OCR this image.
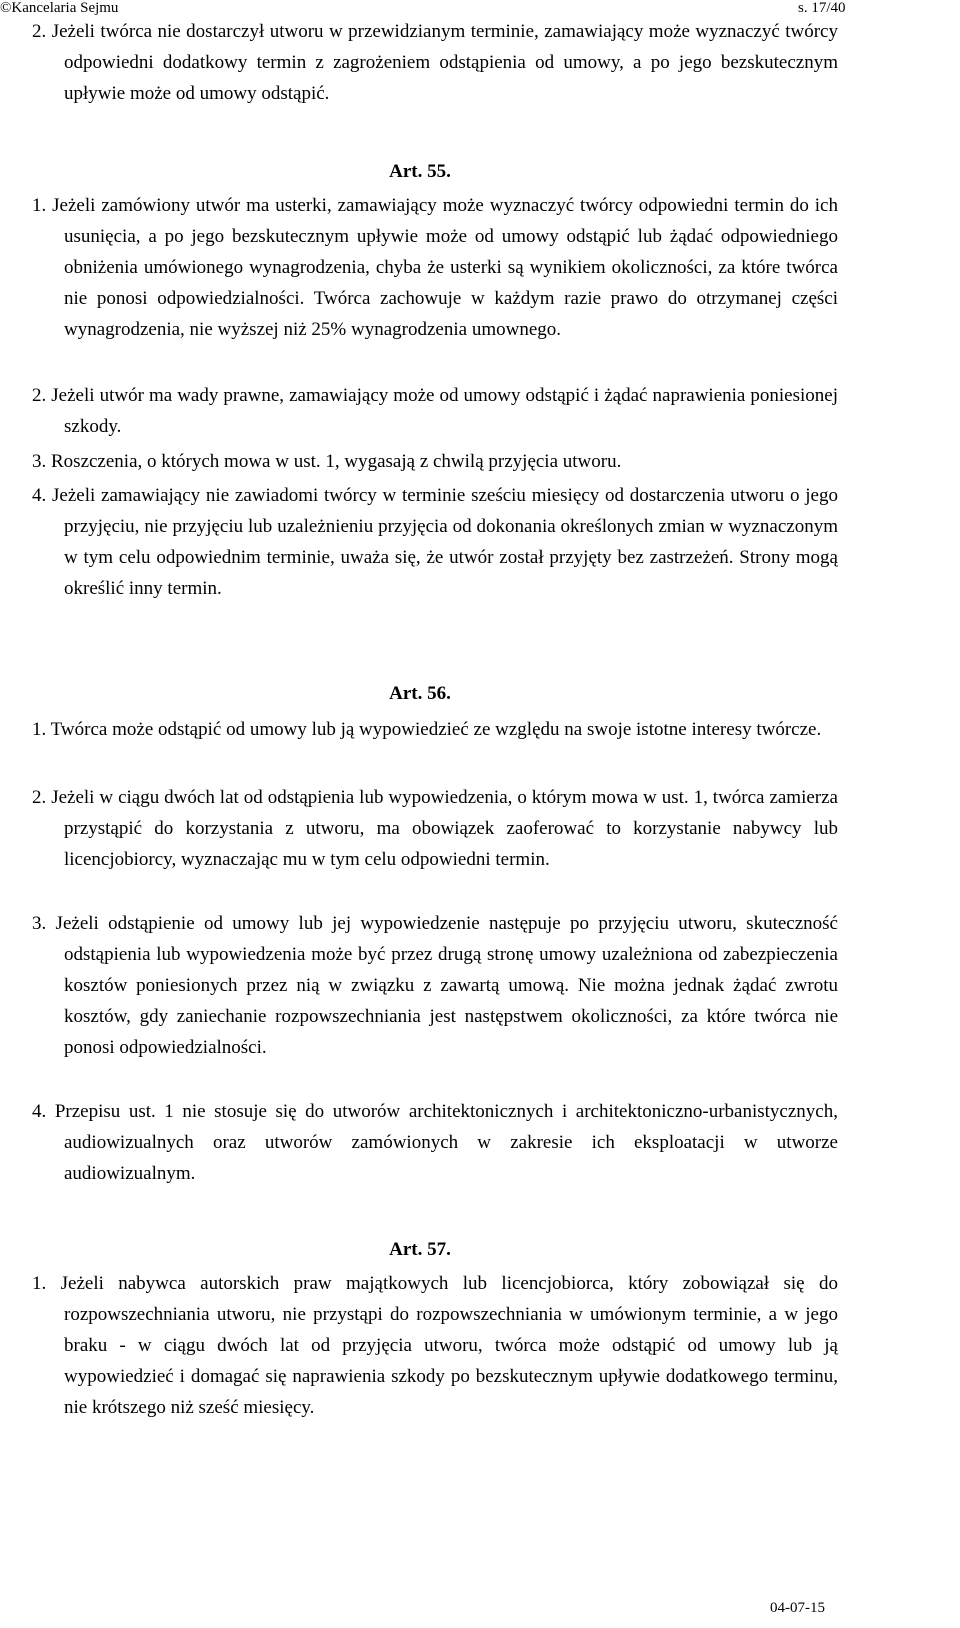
©Kancelaria Sejmu	s. 17/40

2. Jeżeli twórca nie dostarczył utworu w przewidzianym terminie, zamawiający może wyznaczyć twórcy odpowiedni dodatkowy termin z zagrożeniem odstąpienia od umowy, a po jego bezskutecznym upływie może od umowy odstąpić.

Art. 55.

1. Jeżeli zamówiony utwór ma usterki, zamawiający może wyznaczyć twórcy odpowiedni termin do ich usunięcia, a po jego bezskutecznym upływie może od umowy odstąpić lub żądać odpowiedniego obniżenia umówionego wynagrodzenia, chyba że usterki są wynikiem okoliczności, za które twórca nie ponosi odpowiedzialności. Twórca zachowuje w każdym razie prawo do otrzymanej części wynagrodzenia, nie wyższej niż 25% wynagrodzenia umownego.

2. Jeżeli utwór ma wady prawne, zamawiający może od umowy odstąpić i żądać naprawienia poniesionej szkody.

3. Roszczenia, o których mowa w ust. 1, wygasają z chwilą przyjęcia utworu.

4. Jeżeli zamawiający nie zawiadomi twórcy w terminie sześciu miesięcy od dostarczenia utworu o jego przyjęciu, nie przyjęciu lub uzależnieniu przyjęcia od dokonania określonych zmian w wyznaczonym w tym celu odpowiednim terminie, uważa się, że utwór został przyjęty bez zastrzeżeń. Strony mogą określić inny termin.

Art. 56.

1. Twórca może odstąpić od umowy lub ją wypowiedzieć ze względu na swoje istotne interesy twórcze.

2. Jeżeli w ciągu dwóch lat od odstąpienia lub wypowiedzenia, o którym mowa w ust. 1, twórca zamierza przystąpić do korzystania z utworu, ma obowiązek zaoferować to korzystanie nabywcy lub licencjobiorcy, wyznaczając mu w tym celu odpowiedni termin.

3. Jeżeli odstąpienie od umowy lub jej wypowiedzenie następuje po przyjęciu utworu, skuteczność odstąpienia lub wypowiedzenia może być przez drugą stronę umowy uzależniona od zabezpieczenia kosztów poniesionych przez nią w związku z zawartą umową. Nie można jednak żądać zwrotu kosztów, gdy zaniechanie rozpowszechniania jest następstwem okoliczności, za które twórca nie ponosi odpowiedzialności.

4. Przepisu ust. 1 nie stosuje się do utworów architektonicznych i architektoniczno-urbanistycznych, audiowizualnych oraz utworów zamówionych w zakresie ich eksploatacji w utworze audiowizualnym.

Art. 57.

1. Jeżeli nabywca autorskich praw majątkowych lub licencjobiorca, który zobowiązał się do rozpowszechniania utworu, nie przystąpi do rozpowszechniania w umówionym terminie, a w jego braku - w ciągu dwóch lat od przyjęcia utworu, twórca może odstąpić od umowy lub ją wypowiedzieć i domagać się naprawienia szkody po bezskutecznym upływie dodatkowego terminu, nie krótszego niż sześć miesięcy.

04-07-15
